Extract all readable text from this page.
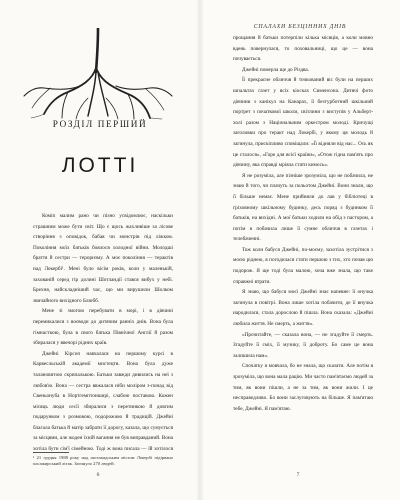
РОЗДІЛ ПЕРШИЙ
ЛОТТІ

Коміп малим рано чи пізно усвідомлює, наскільки страшним може бути світ. Що є щось жахливіше за лісове створіння з оповідок, бабая чи монстрів під ліжком. Покоління моїх батьків боялося холодної війни. Молодші браття й сестри — тероризму. А моє покоління — терактів над Локербі¹. Мені було вісім років, коли у маленькій, захованій серед гір долині Шотландії стався вибух у небі. Брехня, найскладніший час, що ми вирушили Шолком звичайного вихідного Блюбб.

Мене зі змогою перебувати в морі, і в дівчині перемикалися з воєводи до дитячим ранніх днів. Вона була гімнасткою, була в свого батька Північної Англії й разом збиралася у ввечорі рідних країв.

Джейні Кірсоп навчалася на першому курсі в Карвесльській академії мистецтв. Вона була дуже талановитою скрипалькою. Батьки завжди дивились на неї з любов'ю. Вона — сестра ввжалася ніби моліром з-понад від Свеньонуба в Нортгемптонширі, слабою поставою. Кожен місяць люди сесії збиралися з перетинкою й довгим подарунком з розмовою, подорожжю й традицій. Джейні благала батька й матір забрати її дорогу, казала, що сумується за місцями, але жоден їхній вагання не був виправданий. Вона хотіла бути сім'ї сімейною. Тоді ж вона писала — їй хотілося

¹ 21 грудня 1988 року над шотландським містом Локербі підірвано пасажирський літак. Загинуло 270 людей.
6
СПАЛАХИ БЕЗЦІННИХ ДНІВ

прощання й батьки потерпіли кілька місяців, а коли мовно вдень повернулася, то поховальниці, що це — вона почувається.

Джейні померла ще до Різдва.

Її прекрасне обличчя й точкований віс були на перших шпальтах газет у всіх кіосках Сименсона. Дитячі фото дівчини з канікул на Канарах, її безтурботний шкільний портрет з початкової школи, світлини з виступів у Альберт-холі разом з Національним оркестром молоді. Кричущі заголовки про теракт над Локербі, у якому ця молодь й загинула, прискіпливо сповіщали: «Її відняли від нас... Ось як це сталося», «Горе для всієї країни», «Отож гідна пам'ять про дівчину, яка справді мріяла стати кимось».

Я не розуміла, але пізніше зрозуміла, що не побачила, не знаю й того, чи плачуть за польотом Джейні. Вони знали, що її більше немає. Мене прийняли до лав у бібліотеці в гріховному шкільному будинку, десь поряд з будинком її батьків, на вихідні. А мої батьки ходили на обід з пастором, а потім я побачила лише її сумне обличчя в газетах і телебаченні.

Тож коли бабуся Джейні, по-моєму, захотіла зустрітися з моєю ріднею, я погодилася стати першою з тих, хто почав цю подорож. Я ще тоді була малою, хоча вже знала, що таке справжні втрати.

Я знаю, що бабуся моєї Джейні знає напевне: її онучка загинула в повітрі. Вона лише хотіла побачити, де її внучка народилася, стала дорослою й пішла. Вона сказала: «Джейні любила життя. Не смерть, а життя».

«Прочитайте, — сказала вона, — не згадуйте її смерть. Згадуйте її сміх, її музику, її доброту. Бо саме це вона залишила нам».

Спочатку я мовчала, бо не знала, що сказати. Але потім я зрозуміла, що вона мала рацію. Ми часто пам'ятаємо людей за тим, як вони пішли, а не за тим, як вони жили. І це несправедливо. Бо вони заслуговують на більше. Я пам'ятаю тебе, Джейні. Я пам'ятаю.

7
